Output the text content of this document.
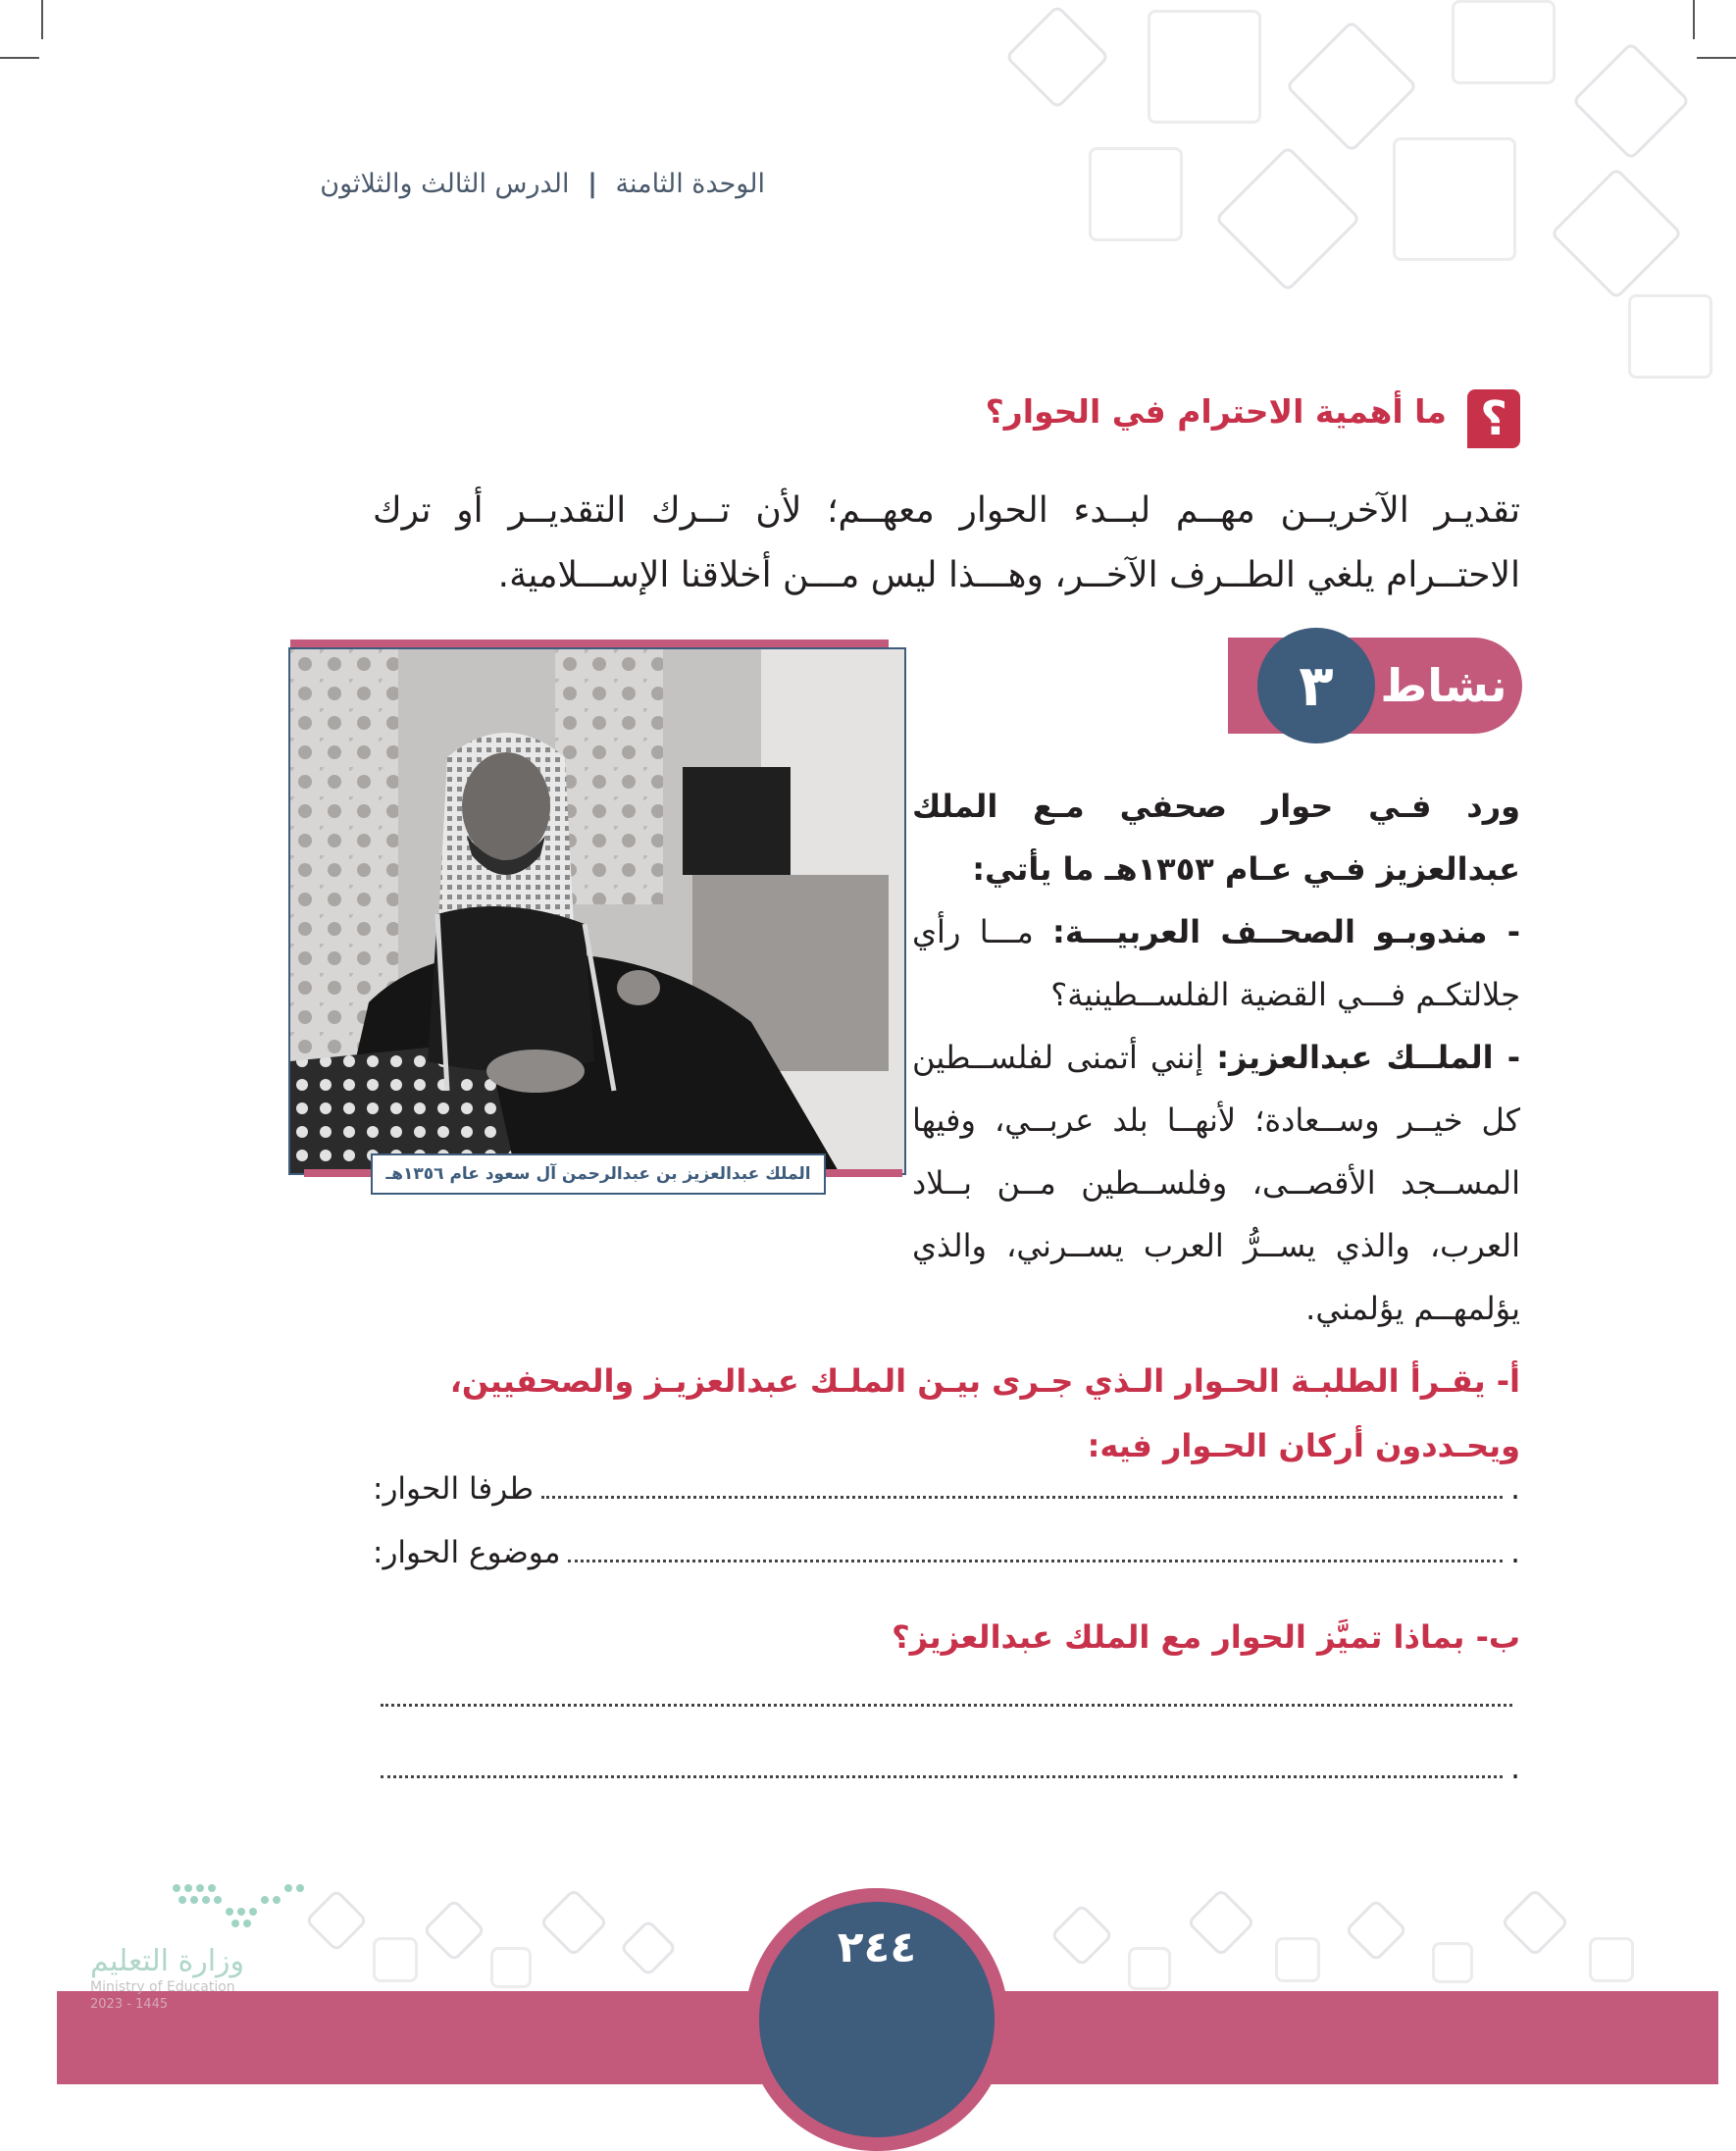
الوحدة الثامنة | الدرس الثالث والثلاثون
؟
ما أهمية الاحترام في الحوار؟
تقديـر الآخريــن مهــم لبــدء الحوار معهــم؛ لأن تــرك التقديــر أو ترك الاحتــرام يلغي الطــرف الآخــر، وهـــذا ليس مـــن أخلاقنا الإســـلامية.
نشاط
٣
الملك عبدالعزيز بن عبدالرحمن آل سعود عام ١٣٥٦هـ
ورد فـي حوار صحفي مـع الملك عبدالعزيز فـي عـام ١٣٥٣هـ ما يأتي:
- مندوبـو الصحــف العربيـــة: مـــا رأي جلالتكـم فـــي القضية الفلســطينية؟
- الملــك عبدالعزيز: إنني أتمنى لفلســطين كل خيــر وســعادة؛ لأنهــا بلد عربــي، وفيها المســجد الأقصــى، وفلســطين مــن بــلاد العرب، والذي يســرُّ العرب يســرني، والذي يؤلمهــم يؤلمني.
أ- يقـرأ الطلبـة الحـوار الـذي جـرى بيـن الملـك عبدالعزيـز والصحفيين، ويحـددون أركان الحـوار فيه:
طرفا الحوار:	.
موضوع الحوار:	.
ب- بماذا تميَّز الحوار مع الملك عبدالعزيز؟
.
٢٤٤
وزارة التعليم
Ministry of Education
2023 - 1445
